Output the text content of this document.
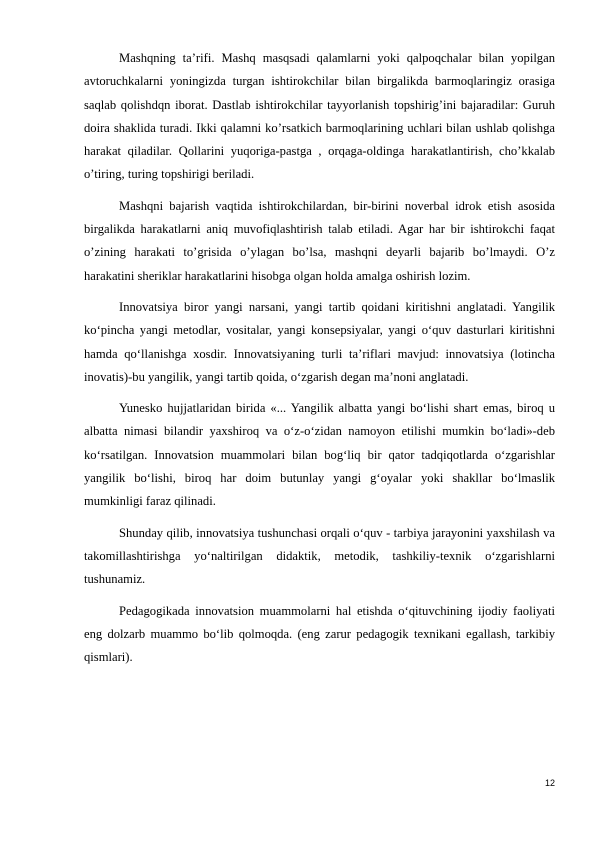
Mashqning ta’rifi. Mashq masqsadi qalamlarni yoki qalpoqchalar bilan yopilgan avtoruchkalarni yoningizda turgan ishtirokchilar bilan birgalikda barmoqlaringiz orasiga saqlab qolishdqn iborat. Dastlab ishtirokchilar tayyorlanish topshirig’ini bajaradilar: Guruh doira shaklida turadi. Ikki qalamni ko’rsatkich barmoqlarining uchlari bilan ushlab qolishga harakat qiladilar. Qollarini yuqoriga-pastga , orqaga-oldinga harakatlantirish, cho’kkalab o’tiring, turing topshirigi beriladi.

Mashqni bajarish vaqtida ishtirokchilardan, bir-birini noverbal idrok etish asosida birgalikda harakatlarni aniq muvofiqlashtirish talab etiladi. Agar har bir ishtirokchi faqat o’zining harakati to’grisida o’ylagan bo’lsa, mashqni deyarli bajarib bo’lmaydi. O’z harakatini sheriklar harakatlarini hisobga olgan holda amalga oshirish lozim.

Innovatsiya biror yangi narsani, yangi tartib qoidani kiritishni anglatadi. Yangilik ko‘pincha yangi metodlar, vositalar, yangi konsepsiyalar, yangi o‘quv dasturlari kiritishni hamda qo‘llanishga xosdir. Innovatsiyaning turli ta’riflari mavjud: innovatsiya (lotincha inovatis)-bu yangilik, yangi tartib qoida, o‘zgarish degan ma’noni anglatadi.

Yunesko hujjatlaridan birida «... Yangilik albatta yangi bo‘lishi shart emas, biroq u albatta nimasi bilandir yaxshiroq va o‘z-o‘zidan namoyon etilishi mumkin bo‘ladi»-deb ko‘rsatilgan. Innovatsion muammolari bilan bog‘liq bir qator tadqiqotlarda o‘zgarishlar yangilik bo‘lishi, biroq har doim butunlay yangi g‘oyalar yoki shakllar bo‘lmaslik mumkinligi faraz qilinadi.

Shunday qilib, innovatsiya tushunchasi orqali o‘quv - tarbiya jarayonini yaxshilash va takomillashtirishga yo‘naltirilgan didaktik, metodik, tashkiliy-texnik o‘zgarishlarni tushunamiz.

Pedagogikada innovatsion muammolarni hal etishda o‘qituvchining ijodiy faoliyati eng dolzarb muammo bo‘lib qolmoqda. (eng zarur pedagogik texnikani egallash, tarkibiy qismlari).

12
